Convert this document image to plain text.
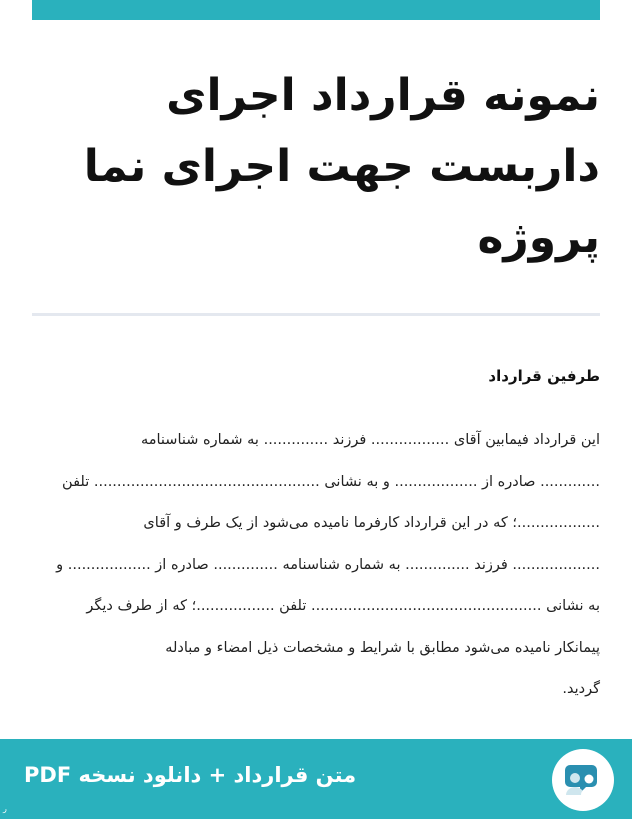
نمونه قرارداد اجرای
داربست جهت اجرای نما
پروژه
طرفین قرارداد
این قرارداد فیمابین آقای ................. فرزند .............. به شماره شناسنامه
............. صادره از .................. و به نشانی ................................................. تلفن
..................؛ که در این قرارداد کارفرما نامیده می‌شود از یک طرف و آقای
................... فرزند .............. به شماره شناسنامه .............. صادره از .................. و
به نشانی .................................................. تلفن .................؛ که از طرف دیگر
پیمانکار نامیده می‌شود مطابق با شرایط و مشخصات ذیل امضاء و مبادله
گردید.
متن قرارداد + دانلود نسخه PDF
ر
